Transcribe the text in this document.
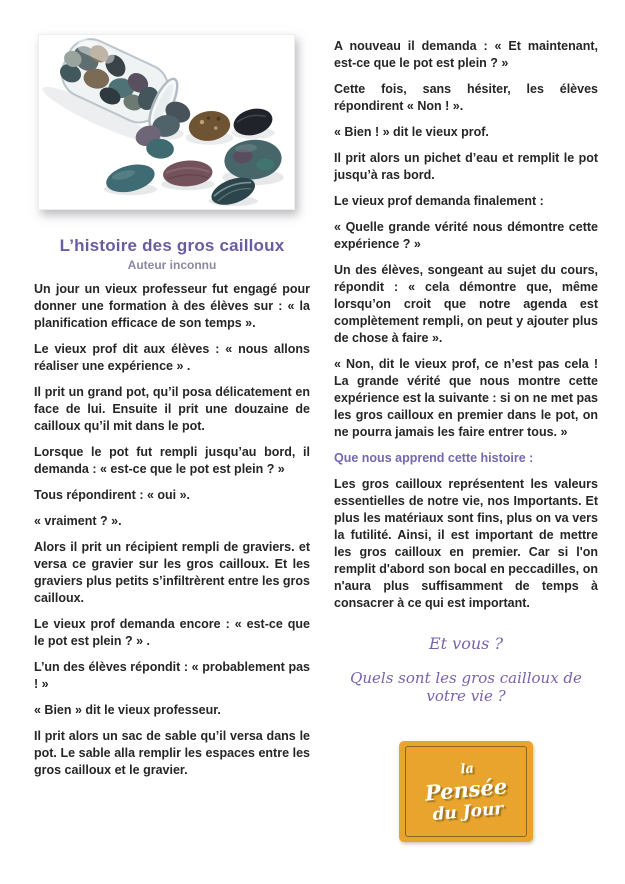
L’histoire des gros cailloux
Auteur inconnu

Un jour un vieux professeur fut engagé pour donner une formation à des élèves sur : « la planification efficace de son temps ».

Le vieux prof dit aux élèves : « nous allons réaliser une expérience » .

Il prit un grand pot, qu’il posa délicatement en face de lui. Ensuite il prit une douzaine de cailloux qu’il mit dans le pot.

Lorsque le pot fut rempli jusqu’au bord, il demanda : « est-ce que le pot est plein ? »

Tous répondirent : « oui ».

« vraiment ? ».

Alors il prit un récipient rempli de graviers. et versa ce gravier sur les gros cailloux. Et les graviers plus petits s’infiltrèrent entre les gros cailloux.

Le vieux prof demanda encore : « est-ce que le pot est plein ? » .

L’un des élèves répondit : « probablement pas ! »

« Bien » dit le vieux professeur.

Il prit alors un sac de sable qu’il versa dans le pot. Le sable alla remplir les espaces entre les gros cailloux et le gravier.

A nouveau il demanda : « Et maintenant, est-ce que le pot est plein ? »

Cette fois, sans hésiter, les élèves répondirent « Non ! ».

« Bien ! » dit le vieux prof.

Il prit alors un pichet d’eau et remplit le pot jusqu’à ras bord.

Le vieux prof demanda finalement :

« Quelle grande vérité nous démontre cette expérience ? »

Un des élèves, songeant au sujet du cours, répondit : « cela démontre que, même lorsqu’on croit que notre agenda est complètement rempli, on peut y ajouter plus de chose à faire ».

« Non, dit le vieux prof, ce n’est pas cela ! La grande vérité que nous montre cette expérience est la suivante : si on ne met pas les gros cailloux en premier dans le pot, on ne pourra jamais les faire entrer tous. »

Que nous apprend cette histoire :

Les gros cailloux représentent les valeurs essentielles de notre vie, nos Importants. Et plus les matériaux sont fins, plus on va vers la futilité. Ainsi, il est important de mettre les gros cailloux en premier. Car si l'on remplit d'abord son bocal en peccadilles, on n'aura plus suffisamment de temps à consacrer à ce qui est important.

Et vous ?

Quels sont les gros cailloux de votre vie ?

la
Pensée
du Jour
